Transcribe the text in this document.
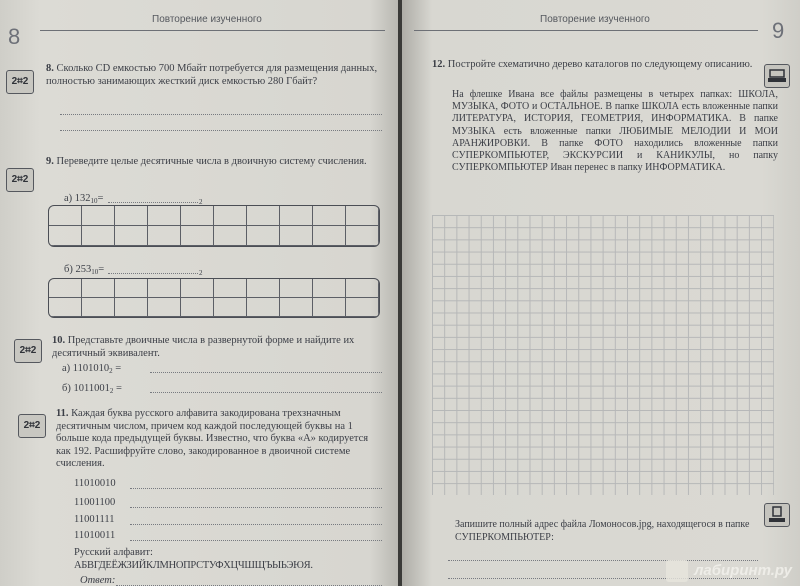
Повторение изученного
8
2⌗2
8. Сколько CD емкостью 700 Мбайт потребуется для размещения данных, полностью занимающих жесткий диск емкостью 280 Гбайт?
2⌗2
9. Переведите целые десятичные числа в двоичную систему счисления.
а) 13210=	2
б) 25310=	2
2⌗2
10. Представьте двоичные числа в развернутой форме и найдите их десятичный эквивалент.
а) 11010102 =
б) 10110012 =
2⌗2
11. Каждая буква русского алфавита закодирована трехзначным десятичным числом, причем код каждой последующей буквы на 1 больше кода предыдущей буквы. Известно, что буква «А» кодируется как 192. Расшифруйте слово, закодированное в двоичной системе счисления.
11010010
11001100
11001111
11010011
Русский алфавит: АБВГДЕЁЖЗИЙКЛМНОПРСТУФХЦЧШЩЪЫЬЭЮЯ.
Ответ:
Повторение изученного	9
12. Постройте схематично дерево каталогов по следующему описанию.
На флешке Ивана все файлы размещены в четырех папках: ШКОЛА, МУЗЫКА, ФОТО и ОСТАЛЬНОЕ. В папке ШКОЛА есть вложенные папки ЛИТЕРАТУРА, ИСТОРИЯ, ГЕОМЕТРИЯ, ИНФОРМАТИКА. В папке МУЗЫКА есть вложенные папки ЛЮБИМЫЕ МЕЛОДИИ И МОИ АРАНЖИРОВКИ. В папке ФОТО находились вложенные папки СУПЕРКОМПЬЮТЕР, ЭКСКУРСИИ и КАНИКУЛЫ, но папку СУПЕРКОМПЬЮТЕР Иван перенес в папку ИНФОРМАТИКА.
Запишите полный адрес файла Ломоносов.jpg, находящегося в папке СУПЕРКОМПЬЮТЕР:
лабиринт.ру
